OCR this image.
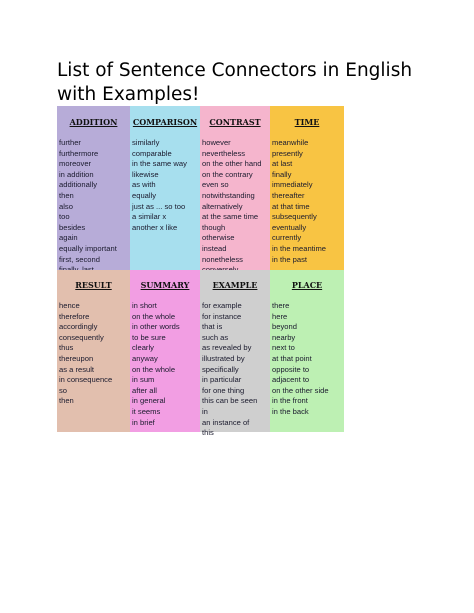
List of Sentence Connectors in English with Examples!
ADDITION
further
furthermore
moreover
in addition
additionally
then
also
too
besides
again
equally important
first, second
COMPARISON
similarly
comparable
in the same way
likewise
as with
equally
just as ... so too
a similar x
another x like
CONTRAST
however
nevertheless
on the other hand
on the contrary
even so
notwithstanding
alternatively
at the same time
though
otherwise
instead
nonetheless
TIME
meanwhile
presently
at last
finally
immediately
thereafter
at that time
subsequently
eventually
currently
in the meantime
in the past
RESULT
hence
therefore
accordingly
consequently
thus
thereupon
as a result
in consequence
so
then
SUMMARY
in short
on the whole
in other words
to be sure
clearly
anyway
on the whole
in sum
after all
in general
it seems
in brief
EXAMPLE
for example
for instance
that is
such as
as revealed by
illustrated by
specifically
in particular
for one thing
this can be seen
in
an instance of
this
PLACE
there
here
beyond
nearby
next to
at that point
opposite to
adjacent to
on the other side
in the front
in the back
